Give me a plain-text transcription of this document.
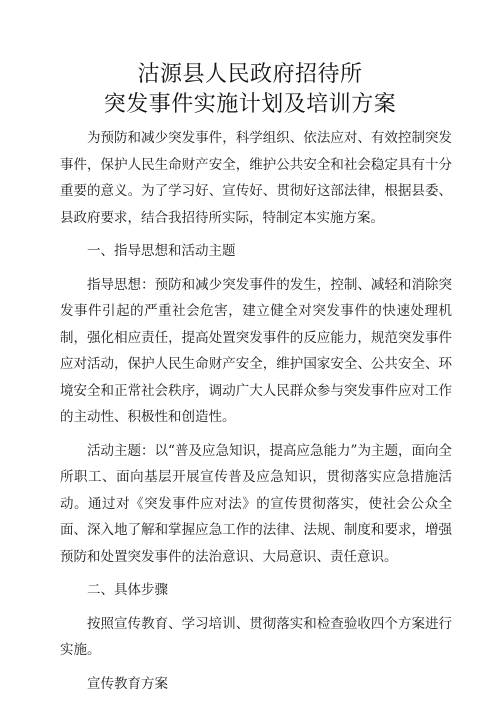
沽源县人民政府招待所
突发事件实施计划及培训方案

为预防和减少突发事件，科学组织、依法应对、有效控制突发事件，保护人民生命财产安全，维护公共安全和社会稳定具有十分重要的意义。为了学习好、宣传好、贯彻好这部法律，根据县委、县政府要求，结合我招待所实际，特制定本实施方案。

一、指导思想和活动主题

指导思想：预防和减少突发事件的发生，控制、减轻和消除突发事件引起的严重社会危害，建立健全对突发事件的快速处理机制，强化相应责任，提高处置突发事件的反应能力，规范突发事件应对活动，保护人民生命财产安全，维护国家安全、公共安全、环境安全和正常社会秩序，调动广大人民群众参与突发事件应对工作的主动性、积极性和创造性。

活动主题：以“普及应急知识，提高应急能力”为主题，面向全所职工、面向基层开展宣传普及应急知识，贯彻落实应急措施活动。通过对《突发事件应对法》的宣传贯彻落实，使社会公众全面、深入地了解和掌握应急工作的法律、法规、制度和要求，增强预防和处置突发事件的法治意识、大局意识、责任意识。

二、具体步骤

按照宣传教育、学习培训、贯彻落实和检查验收四个方案进行实施。

宣传教育方案
